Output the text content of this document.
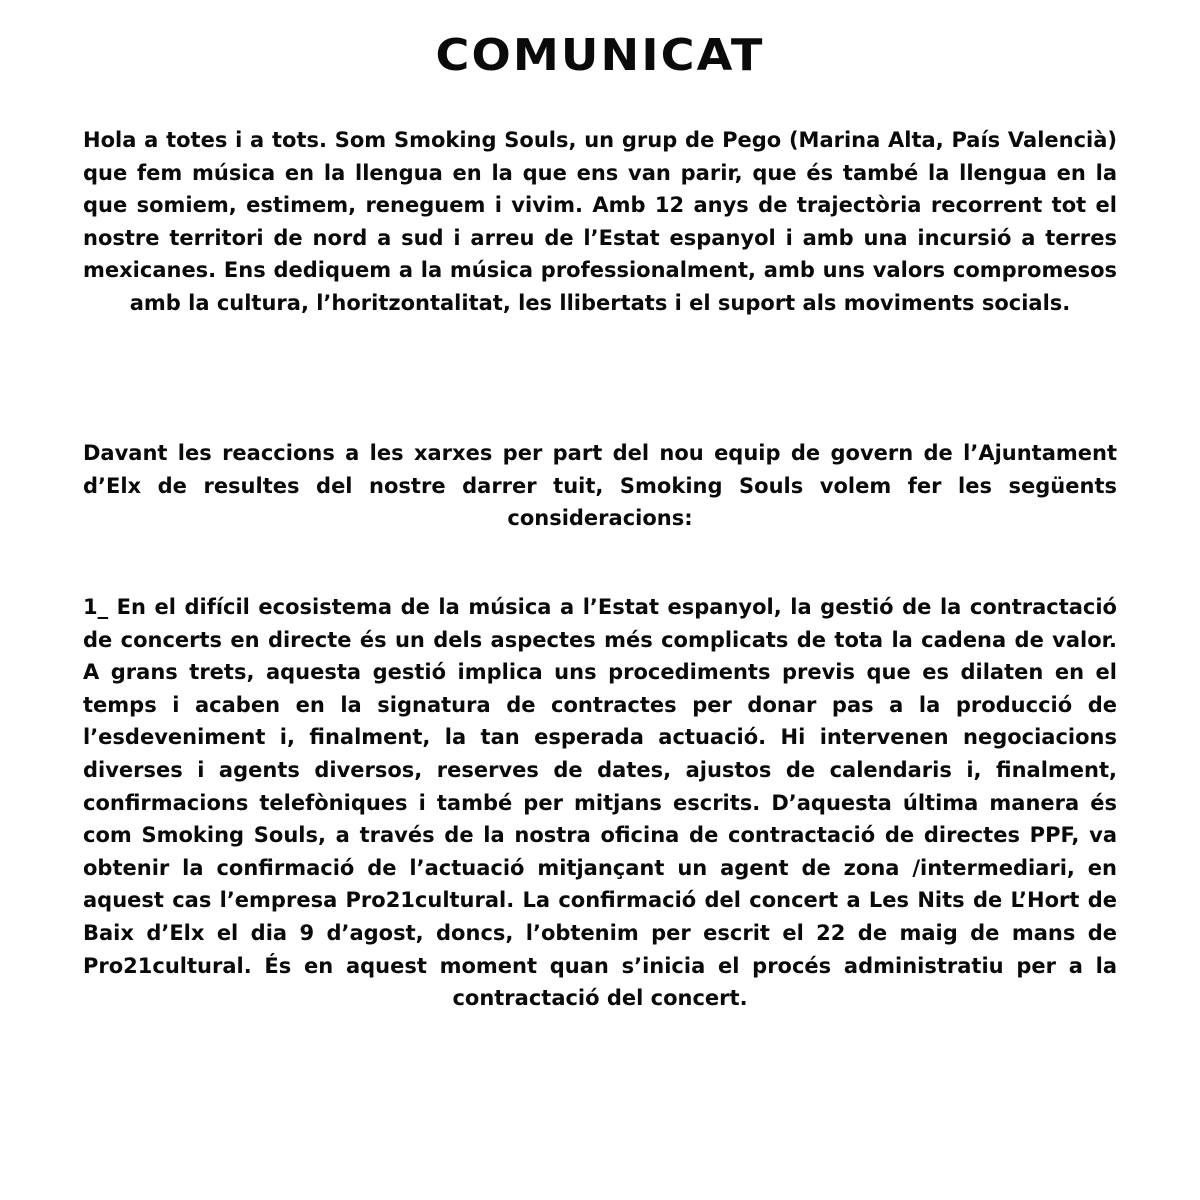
COMUNICAT

Hola a totes i a tots. Som Smoking Souls, un grup de Pego (Marina Alta, País Valencià) que fem música en la llengua en la que ens van parir, que és també la llengua en la que somiem, estimem, reneguem i vivim. Amb 12 anys de trajectòria recorrent tot el nostre territori de nord a sud i arreu de l’Estat espanyol i amb una incursió a terres mexicanes. Ens dediquem a la música professionalment, amb uns valors compromesos amb la cultura, l’horitzontalitat, les llibertats i el suport als moviments socials.

Davant les reaccions a les xarxes per part del nou equip de govern de l’Ajuntament d’Elx de resultes del nostre darrer tuit, Smoking Souls volem fer les següents consideracions:

1_ En el difícil ecosistema de la música a l’Estat espanyol, la gestió de la contractació de concerts en directe és un dels aspectes més complicats de tota la cadena de valor. A grans trets, aquesta gestió implica uns procediments previs que es dilaten en el temps i acaben en la signatura de contractes per donar pas a la producció de l’esdeveniment i, finalment, la tan esperada actuació. Hi intervenen negociacions diverses i agents diversos, reserves de dates, ajustos de calendaris i, finalment, confirmacions telefòniques i també per mitjans escrits. D’aquesta última manera és com Smoking Souls, a través de la nostra oficina de contractació de directes PPF, va obtenir la confirmació de l’actuació mitjançant un agent de zona /intermediari, en aquest cas l’empresa Pro21cultural. La confirmació del concert a Les Nits de L’Hort de Baix d’Elx el dia 9 d’agost, doncs, l’obtenim per escrit el 22 de maig de mans de Pro21cultural. És en aquest moment quan s’inicia el procés administratiu per a la contractació del concert.
